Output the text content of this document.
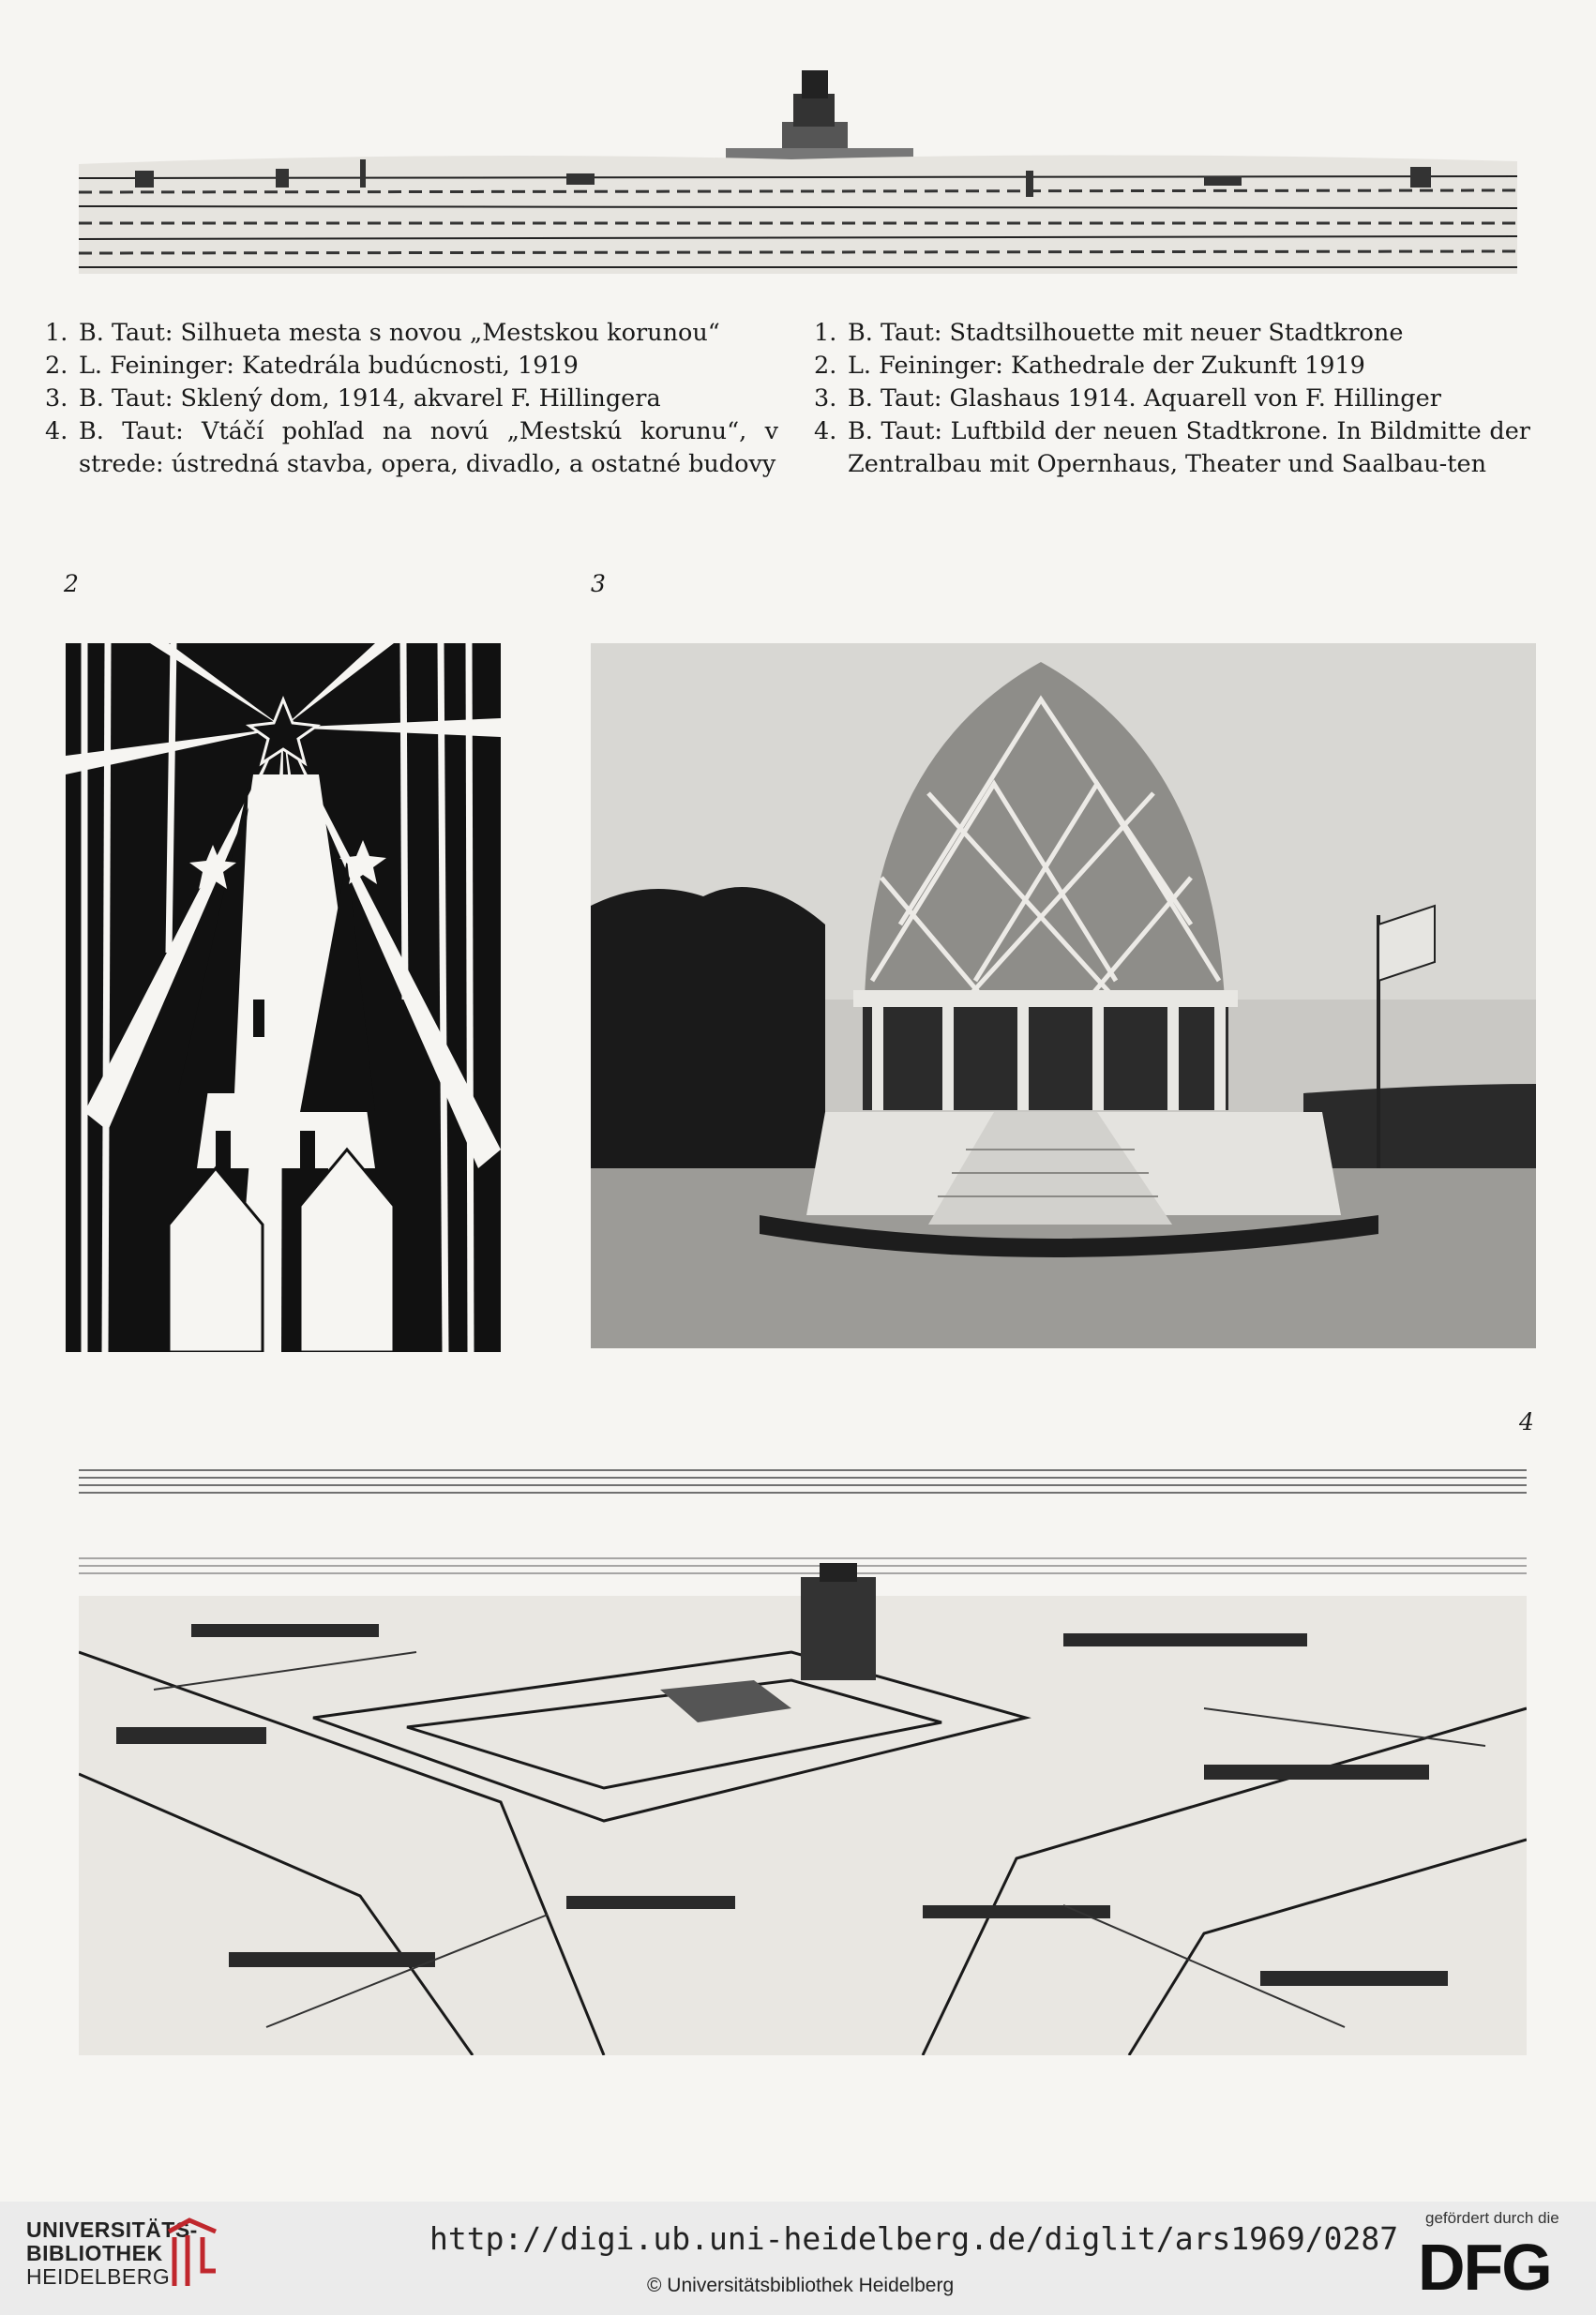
1. B. Taut: Silhueta mesta s novou „Mestskou korunou“
2. L. Feininger: Katedrála budúcnosti, 1919
3. B. Taut: Sklený dom, 1914, akvarel F. Hillingera
4. B. Taut: Vtáčí pohľad na novú „Mestskú korunu“, v strede: ústredná stavba, opera, divadlo, a ostatné budovy
1. B. Taut: Stadtsilhouette mit neuer Stadtkrone
2. L. Feininger: Kathedrale der Zukunft 1919
3. B. Taut: Glashaus 1914. Aquarell von F. Hillinger
4. B. Taut: Luftbild der neuen Stadtkrone. In Bildmitte der Zentralbau mit Opernhaus, Theater und Saalbau-ten
2	3
4
UNIVERSITÄTS-
BIBLIOTHEK
HEIDELBERG
http://digi.ub.uni-heidelberg.de/diglit/ars1969/0287
© Universitätsbibliothek Heidelberg
gefördert durch die
DFG
